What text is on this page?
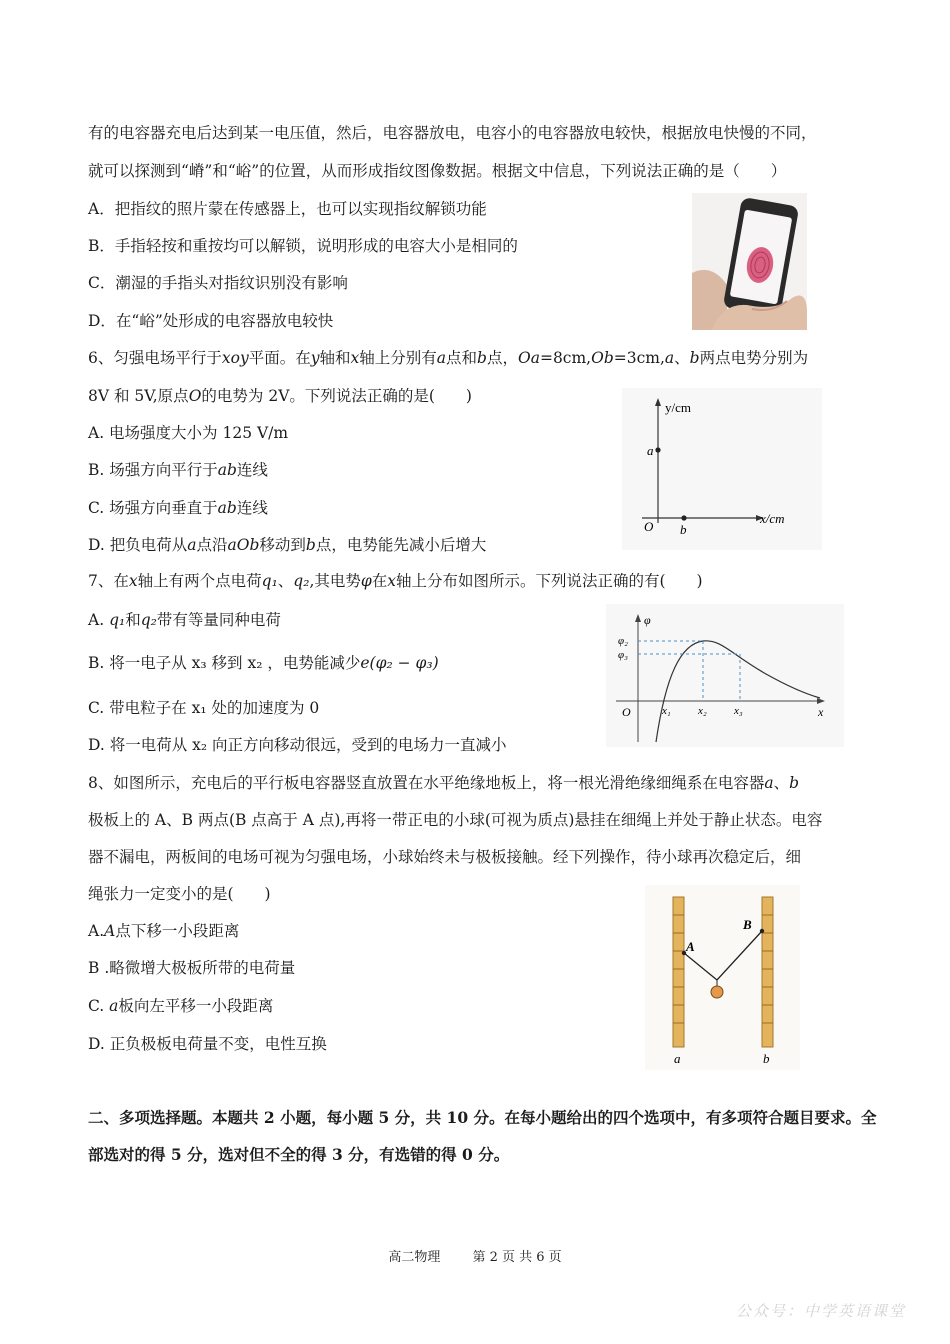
有的电容器充电后达到某一电压值，然后，电容器放电，电容小的电容器放电较快，根据放电快慢的不同，
就可以探测到“嵴”和“峪”的位置，从而形成指纹图像数据。根据文中信息，下列说法正确的是（　　）
A．把指纹的照片蒙在传感器上，也可以实现指纹解锁功能
B．手指轻按和重按均可以解锁，说明形成的电容大小是相同的
C．潮湿的手指头对指纹识别没有影响
D．在“峪”处形成的电容器放电较快
6、匀强电场平行于xoy平面。在y轴和x轴上分别有a点和b点，Oa=8cm,Ob=3cm,a、b两点电势分别为
8V 和 5V,原点O的电势为 2V。下列说法正确的是(　　)
A. 电场强度大小为 125 V/m
B. 场强方向平行于ab连线
C. 场强方向垂直于ab连线
D. 把负电荷从a点沿aOb移动到b点，电势能先减小后增大
y/cm
x/cm
a
b
O
7、在x轴上有两个点电荷q₁、q₂,其电势φ在x轴上分布如图所示。下列说法正确的有(　　)
A. q₁和q₂带有等量同种电荷
B. 将一电子从 x₃ 移到 x₂ ，电势能减少e(φ₂ − φ₃)
C. 带电粒子在 x₁ 处的加速度为 0
D. 将一电荷从 x₂ 向正方向移动很远，受到的电场力一直减小
φ
φ₂
φ₃
O	x₁ x₂ x₃	x
8、如图所示，充电后的平行板电容器竖直放置在水平绝缘地板上，将一根光滑绝缘细绳系在电容器a、b
极板上的 A、B 两点(B 点高于 A 点),再将一带正电的小球(可视为质点)悬挂在细绳上并处于静止状态。电容
器不漏电，两板间的电场可视为匀强电场，小球始终未与极板接触。经下列操作，待小球再次稳定后，细
绳张力一定变小的是(　　)
A.A点下移一小段距离
B .略微增大极板所带的电荷量
C. a板向左平移一小段距离
D. 正负极板电荷量不变，电性互换
A
B
a	b
二、多项选择题。本题共 2 小题，每小题 5 分，共 10 分。在每小题给出的四个选项中，有多项符合题目要求。全部选对的得 5 分，选对但不全的得 3 分，有选错的得 0 分。
高二物理 第 2 页 共 6 页
公众号：中学英语课堂
